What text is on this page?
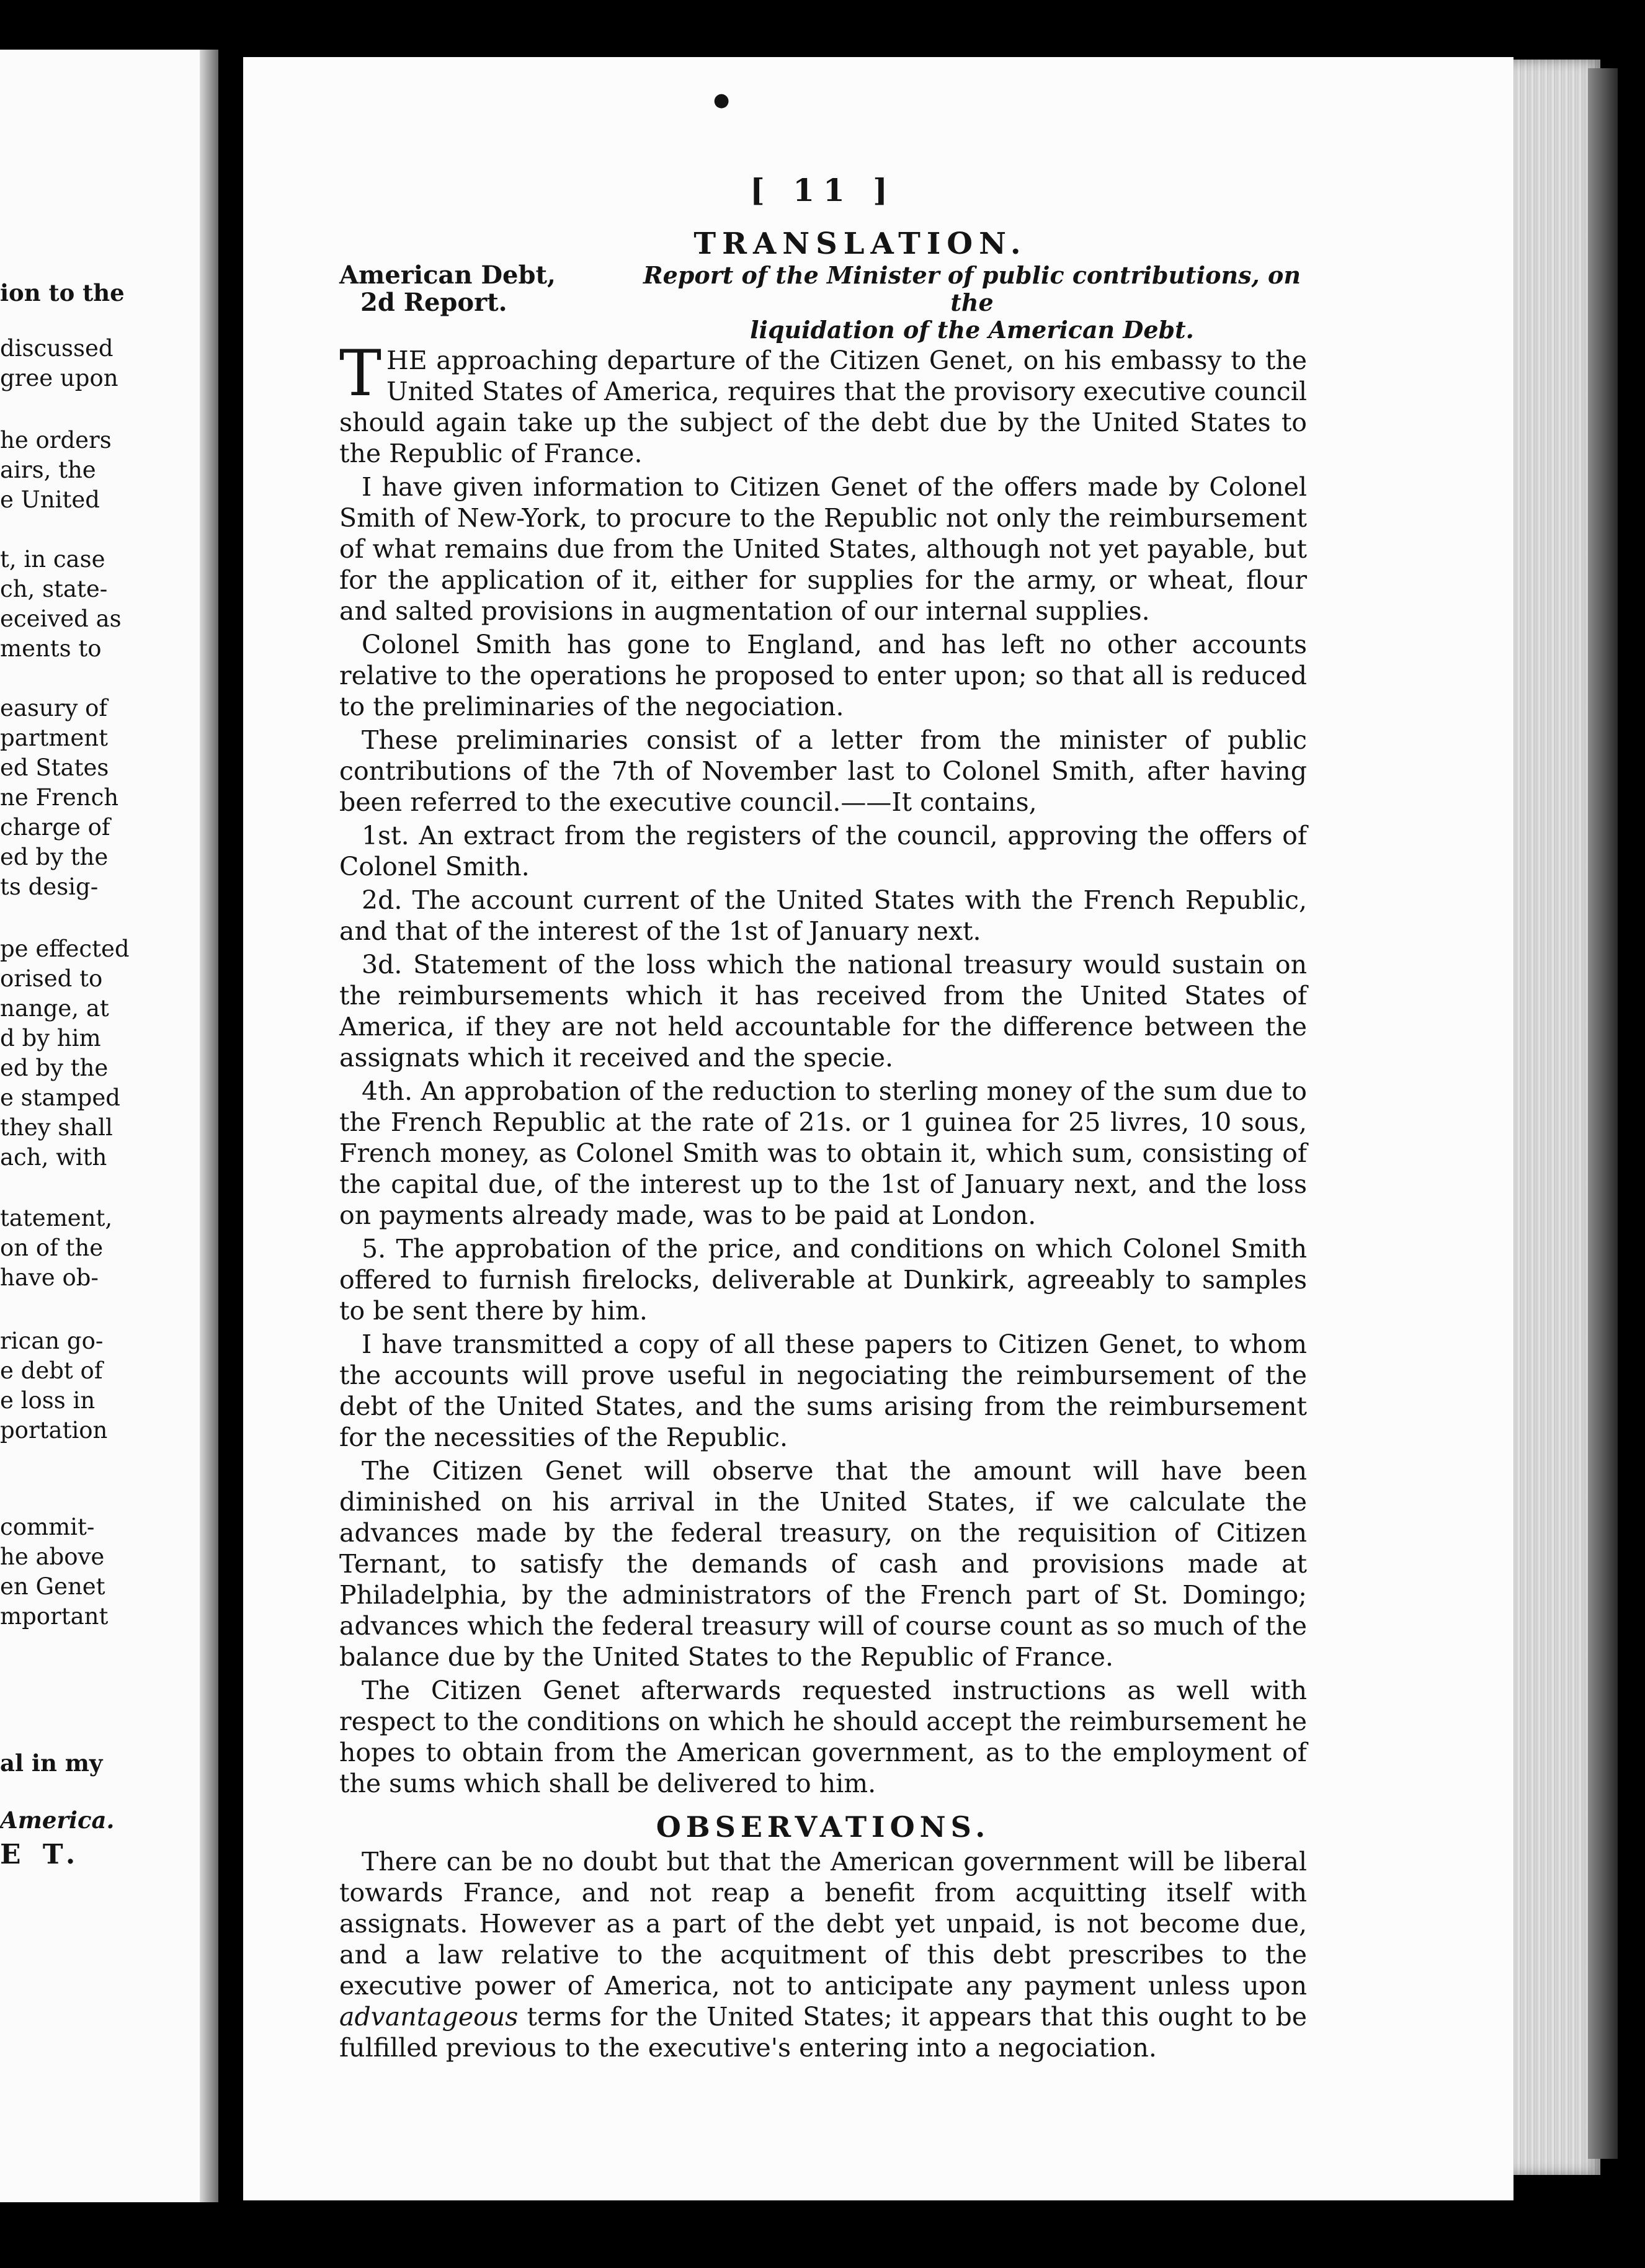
ion to the
discussed
gree upon
he orders
airs, the
e United
t, in case
ch, state-
eceived as
ments to
easury of
partment
ed States
ne French
charge of
ed by the
ts desig-
pe effected
orised to
nange, at
d by him
ed by the
e stamped
they shall
ach, with
tatement,
on of the
have ob-
rican go-
e debt of
e loss in
portation
commit-
he above
en Genet
mportant
al in my
America.
E T.
●
[ 11 ]
TRANSLATION.
American Debt,
2d Report.
Report of the Minister of public contributions, on the
liquidation of the American Debt.

THE approaching departure of the Citizen Genet, on his embassy to the United States of America, requires that the provisory executive council should again take up the subject of the debt due by the United States to the Republic of France.

I have given information to Citizen Genet of the offers made by Colonel Smith of New-York, to procure to the Republic not only the reimbursement of what remains due from the United States, although not yet payable, but for the application of it, either for supplies for the army, or wheat, flour and salted provisions in augmentation of our internal supplies.

Colonel Smith has gone to England, and has left no other accounts relative to the operations he proposed to enter upon; so that all is reduced to the preliminaries of the negociation.

These preliminaries consist of a letter from the minister of public contributions of the 7th of November last to Colonel Smith, after having been referred to the executive council.——It contains,

1st. An extract from the registers of the council, approving the offers of Colonel Smith.

2d. The account current of the United States with the French Republic, and that of the interest of the 1st of January next.

3d. Statement of the loss which the national treasury would sustain on the reimbursements which it has received from the United States of America, if they are not held accountable for the difference between the assignats which it received and the specie.

4th. An approbation of the reduction to sterling money of the sum due to the French Republic at the rate of 21s. or 1 guinea for 25 livres, 10 sous, French money, as Colonel Smith was to obtain it, which sum, consisting of the capital due, of the interest up to the 1st of January next, and the loss on payments already made, was to be paid at London.

5. The approbation of the price, and conditions on which Colonel Smith offered to furnish firelocks, deliverable at Dunkirk, agreeably to samples to be sent there by him.

I have transmitted a copy of all these papers to Citizen Genet, to whom the accounts will prove useful in negociating the reimbursement of the debt of the United States, and the sums arising from the reimbursement for the necessities of the Republic.

The Citizen Genet will observe that the amount will have been diminished on his arrival in the United States, if we calculate the advances made by the federal treasury, on the requisition of Citizen Ternant, to satisfy the demands of cash and provisions made at Philadelphia, by the administrators of the French part of St. Domingo; advances which the federal treasury will of course count as so much of the balance due by the United States to the Republic of France.

The Citizen Genet afterwards requested instructions as well with respect to the conditions on which he should accept the reimbursement he hopes to obtain from the American government, as to the employment of the sums which shall be delivered to him.

OBSERVATIONS.

There can be no doubt but that the American government will be liberal towards France, and not reap a benefit from acquitting itself with assignats. However as a part of the debt yet unpaid, is not become due, and a law relative to the acquitment of this debt prescribes to the executive power of America, not to anticipate any payment unless upon advantageous terms for the United States; it appears that this ought to be fulfilled previous to the executive's entering into a negociation.
